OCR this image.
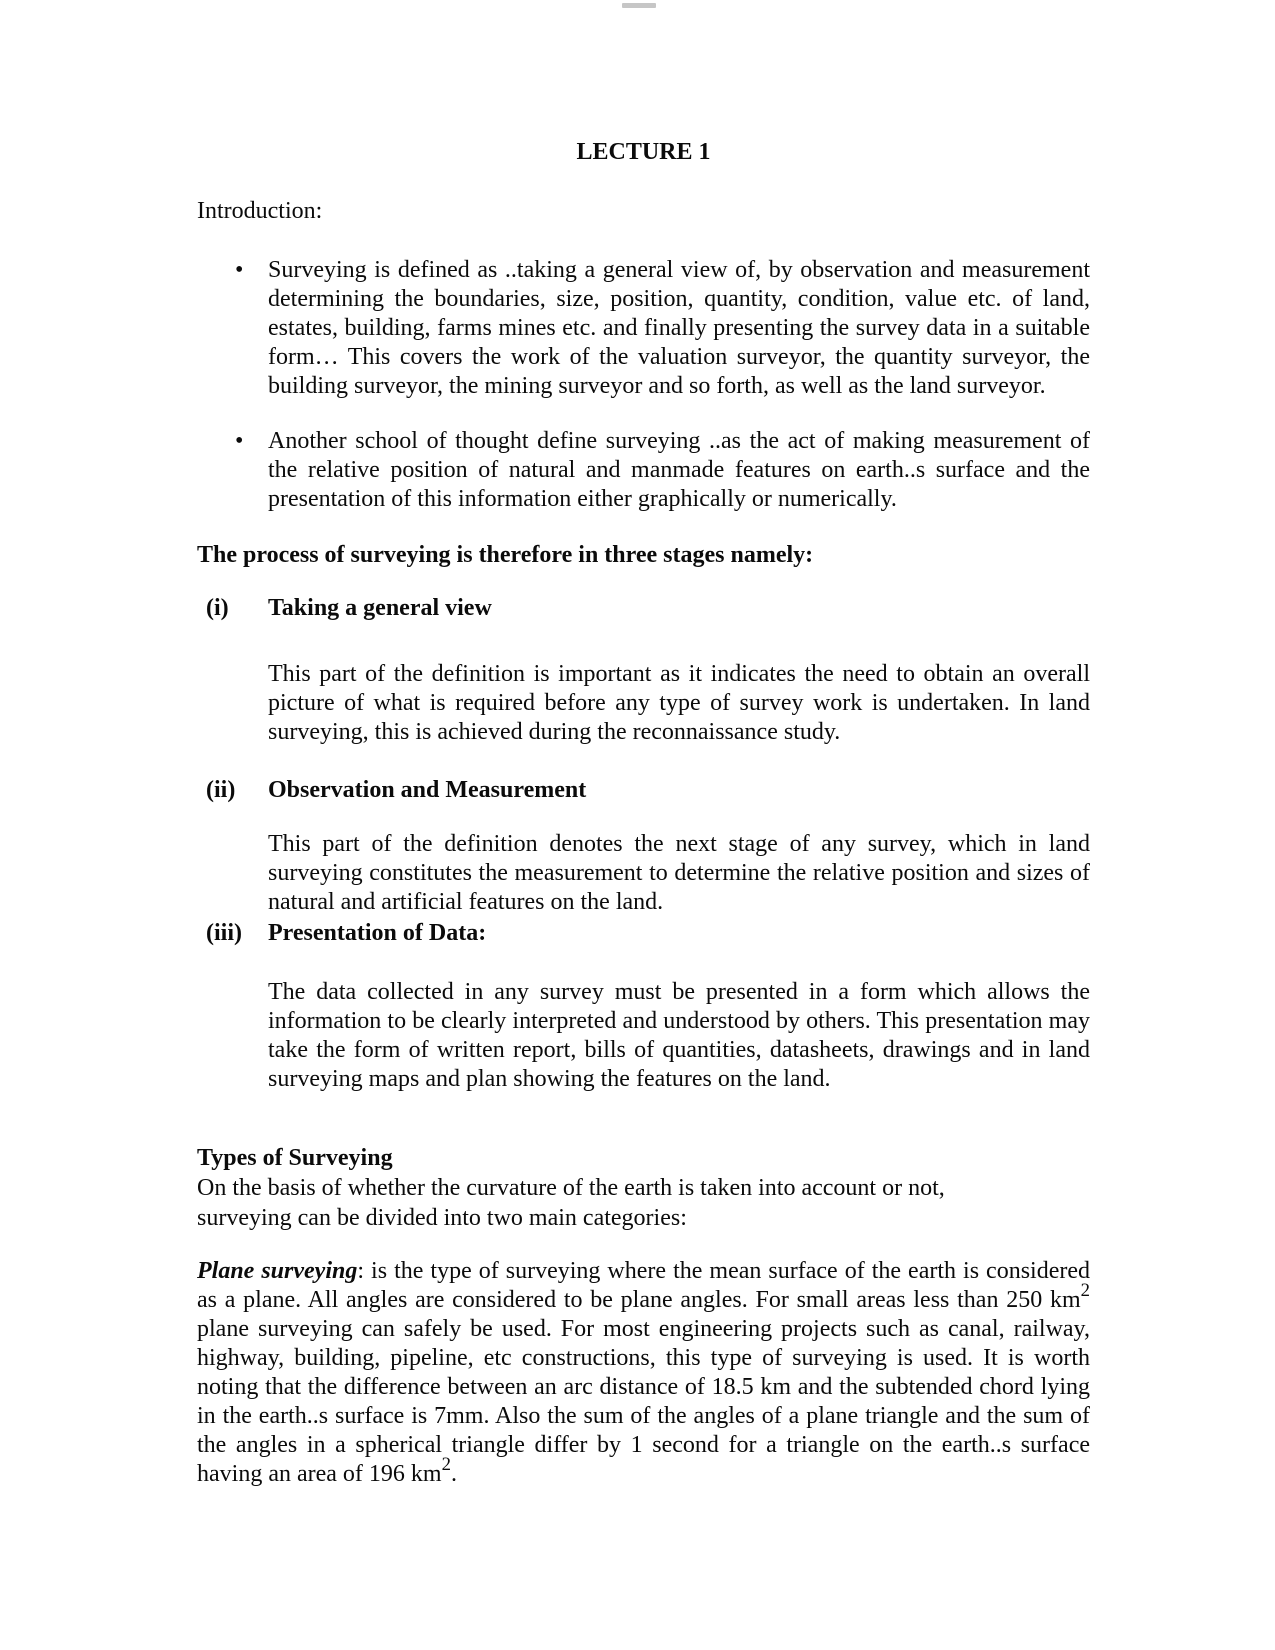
LECTURE 1

Introduction:

•	Surveying is defined as ..taking a general view of, by observation and measurement determining the boundaries, size, position, quantity, condition, value etc. of land, estates, building, farms mines etc. and finally presenting the survey data in a suitable form… This covers the work of the valuation surveyor, the quantity surveyor, the building surveyor, the mining surveyor and so forth, as well as the land surveyor.
•	Another school of thought define surveying ..as the act of making measurement of the relative position of natural and manmade features on earth..s surface and the presentation of this information either graphically or numerically.

The process of surveying is therefore in three stages namely:

(i)	Taking a general view

This part of the definition is important as it indicates the need to obtain an overall picture of what is required before any type of survey work is undertaken. In land surveying, this is achieved during the reconnaissance study.

(ii)	Observation and Measurement

This part of the definition denotes the next stage of any survey, which in land surveying constitutes the measurement to determine the relative position and sizes of natural and artificial features on the land.

(iii)	Presentation of Data:

The data collected in any survey must be presented in a form which allows the information to be clearly interpreted and understood by others. This presentation may take the form of written report, bills of quantities, datasheets, drawings and in land surveying maps and plan showing the features on the land.

Types of Surveying

On the basis of whether the curvature of the earth is taken into account or not,

surveying can be divided into two main categories:

Plane surveying: is the type of surveying where the mean surface of the earth is considered as a plane. All angles are considered to be plane angles. For small areas less than 250 $km^2$ plane surveying can safely be used. For most engineering projects such as canal, railway, highway, building, pipeline, etc constructions, this type of surveying is used. It is worth noting that the difference between an arc distance of 18.5 km and the subtended chord lying in the earth..s surface is 7mm. Also the sum of the angles of a plane triangle and the sum of the angles in a spherical triangle differ by 1 second for a triangle on the earth..s surface having an area of 196 $km^2$.
